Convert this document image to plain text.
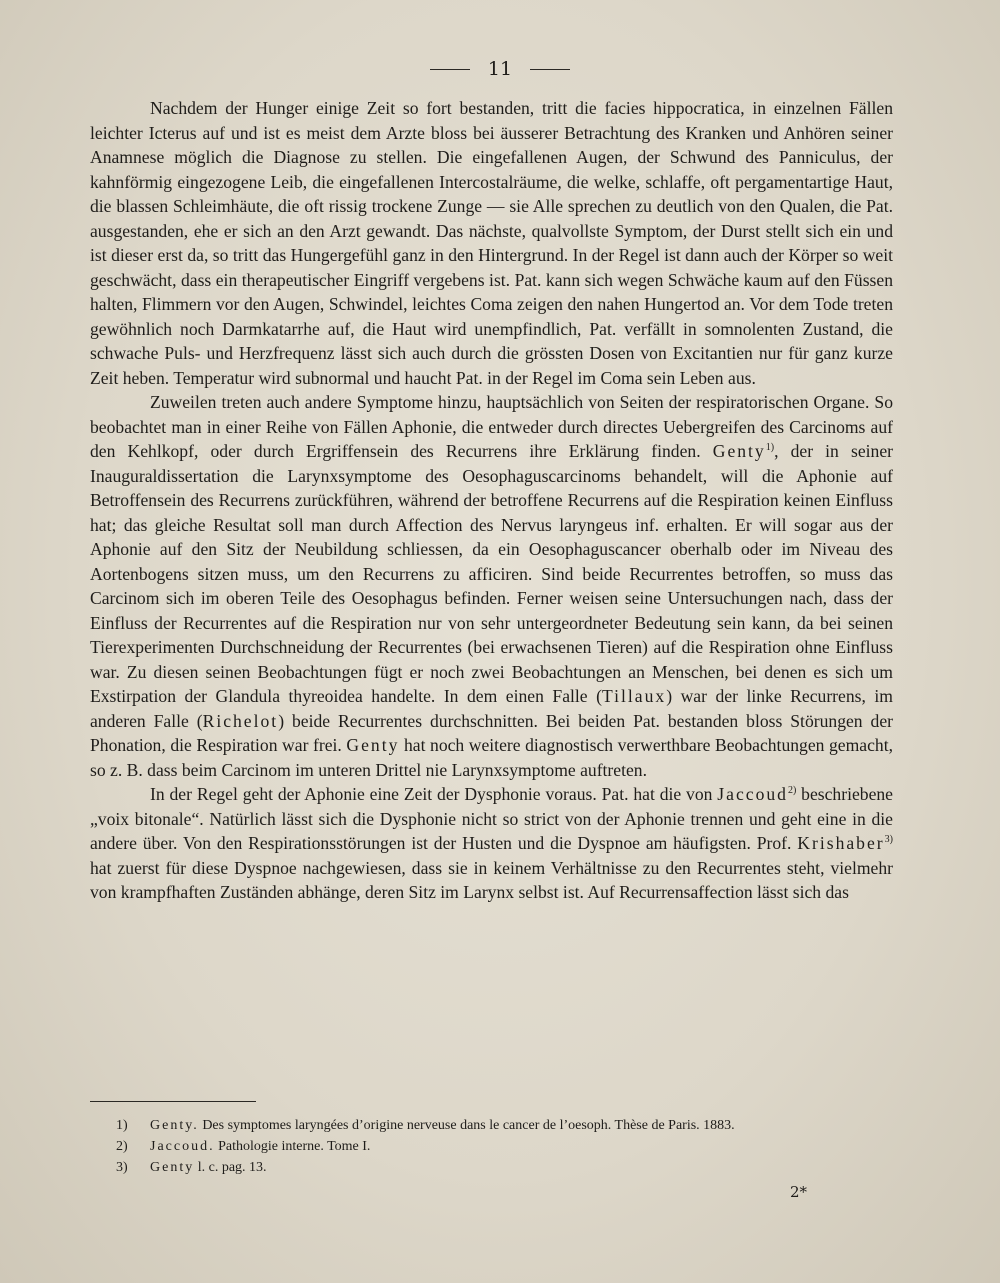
11

Nachdem der Hunger einige Zeit so fort bestanden, tritt die facies hippocratica, in einzelnen Fällen leichter Icterus auf und ist es meist dem Arzte bloss bei äusserer Betrachtung des Kranken und Anhören seiner Anamnese möglich die Diagnose zu stellen. Die eingefallenen Augen, der Schwund des Panniculus, der kahnförmig eingezogene Leib, die eingefallenen Intercostalräume, die welke, schlaffe, oft pergamentartige Haut, die blassen Schleimhäute, die oft rissig trockene Zunge — sie Alle sprechen zu deutlich von den Qualen, die Pat. ausgestanden, ehe er sich an den Arzt gewandt. Das nächste, qualvollste Symptom, der Durst stellt sich ein und ist dieser erst da, so tritt das Hungergefühl ganz in den Hintergrund. In der Regel ist dann auch der Körper so weit geschwächt, dass ein therapeutischer Eingriff vergebens ist. Pat. kann sich wegen Schwäche kaum auf den Füssen halten, Flimmern vor den Augen, Schwindel, leichtes Coma zeigen den nahen Hungertod an. Vor dem Tode treten gewöhnlich noch Darmkatarrhe auf, die Haut wird unempfindlich, Pat. verfällt in somnolenten Zustand, die schwache Puls- und Herzfrequenz lässt sich auch durch die grössten Dosen von Excitantien nur für ganz kurze Zeit heben. Temperatur wird subnormal und haucht Pat. in der Regel im Coma sein Leben aus.

Zuweilen treten auch andere Symptome hinzu, hauptsächlich von Seiten der respiratorischen Organe. So beobachtet man in einer Reihe von Fällen Aphonie, die entweder durch directes Uebergreifen des Carcinoms auf den Kehlkopf, oder durch Ergriffensein des Recurrens ihre Erklärung finden. Genty$^{1)}$, der in seiner Inauguraldissertation die Larynxsymptome des Oesophaguscarcinoms behandelt, will die Aphonie auf Betroffensein des Recurrens zurückführen, während der betroffene Recurrens auf die Respiration keinen Einfluss hat; das gleiche Resultat soll man durch Affection des Nervus laryngeus inf. erhalten. Er will sogar aus der Aphonie auf den Sitz der Neubildung schliessen, da ein Oesophaguscancer oberhalb oder im Niveau des Aortenbogens sitzen muss, um den Recurrens zu afficiren. Sind beide Recurrentes betroffen, so muss das Carcinom sich im oberen Teile des Oesophagus befinden. Ferner weisen seine Untersuchungen nach, dass der Einfluss der Recurrentes auf die Respiration nur von sehr untergeordneter Bedeutung sein kann, da bei seinen Tierexperimenten Durchschneidung der Recurrentes (bei erwachsenen Tieren) auf die Respiration ohne Einfluss war. Zu diesen seinen Beobachtungen fügt er noch zwei Beobachtungen an Menschen, bei denen es sich um Exstirpation der Glandula thyreoidea handelte. In dem einen Falle (Tillaux) war der linke Recurrens, im anderen Falle (Richelot) beide Recurrentes durchschnitten. Bei beiden Pat. bestanden bloss Störungen der Phonation, die Respiration war frei. Genty hat noch weitere diagnostisch verwerthbare Beobachtungen gemacht, so z. B. dass beim Carcinom im unteren Drittel nie Larynxsymptome auftreten.

In der Regel geht der Aphonie eine Zeit der Dysphonie voraus. Pat. hat die von Jaccoud$^{2)}$ beschriebene „voix bitonale“. Natürlich lässt sich die Dysphonie nicht so strict von der Aphonie trennen und geht eine in die andere über. Von den Respirationsstörungen ist der Husten und die Dyspnoe am häufigsten. Prof. Krishaber$^{3)}$ hat zuerst für diese Dyspnoe nachgewiesen, dass sie in keinem Verhältnisse zu den Recurrentes steht, vielmehr von krampfhaften Zuständen abhänge, deren Sitz im Larynx selbst ist. Auf Recurrensaffection lässt sich das

1) Genty. Des symptomes laryngées d’origine nerveuse dans le cancer de l’oesoph. Thèse de Paris. 1883.
2) Jaccoud. Pathologie interne. Tome I.
3) Genty l. c. pag. 13.
2*
